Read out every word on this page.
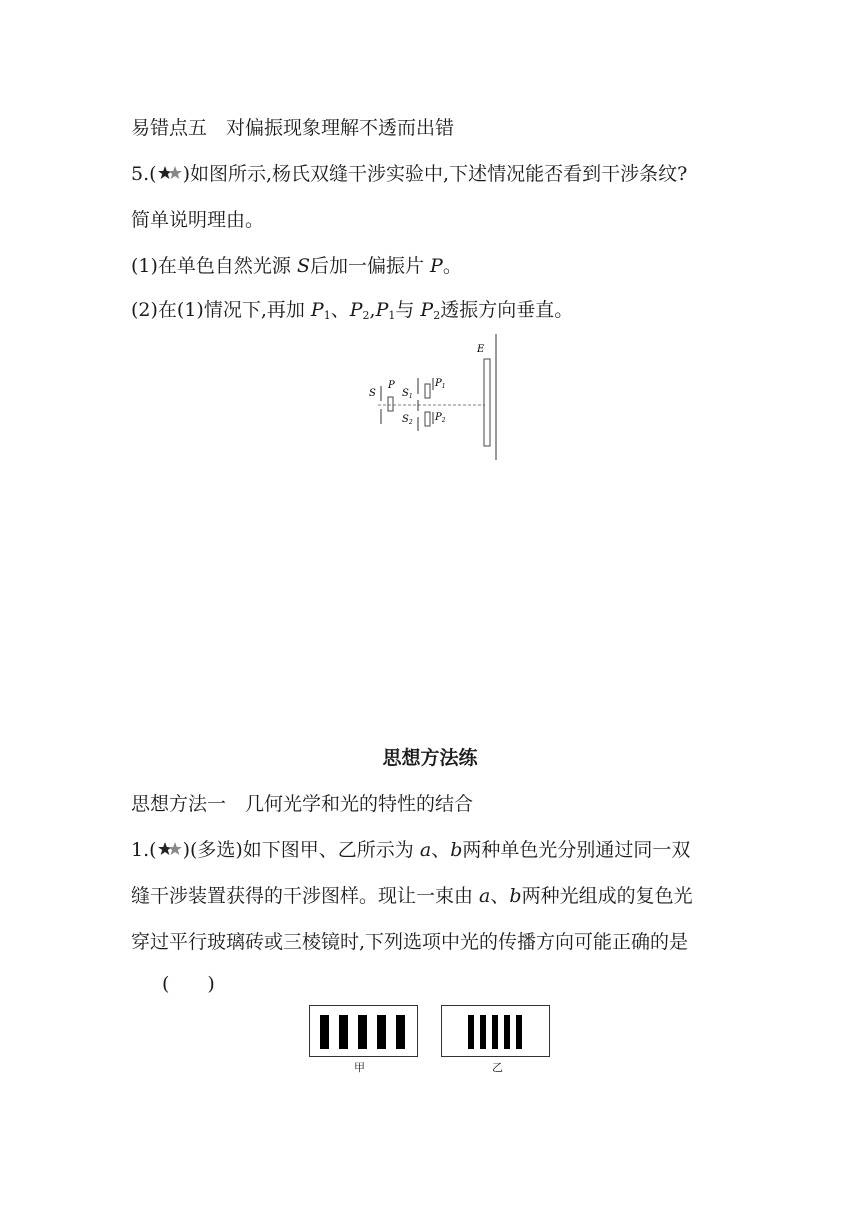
易错点五　对偏振现象理解不透而出错
5.( )如图所示,杨氏双缝干涉实验中,下述情况能否看到干涉条纹?
简单说明理由。
(1)在单色自然光源 S后加一偏振片 P。
(2)在(1)情况下,再加 $P_1$、$P_2,P_1$与 $P_2$透振方向垂直。
S
P
$S_1$
$S_2$
$P_1$
$P_2$
E
思想方法练
思想方法一　几何光学和光的特性的结合
1.( )(多选)如下图甲、乙所示为 a、b两种单色光分别通过同一双
缝干涉装置获得的干涉图样。现让一束由 a、b两种光组成的复色光
穿过平行玻璃砖或三棱镜时,下列选项中光的传播方向可能正确的是
(　　)
甲	乙
